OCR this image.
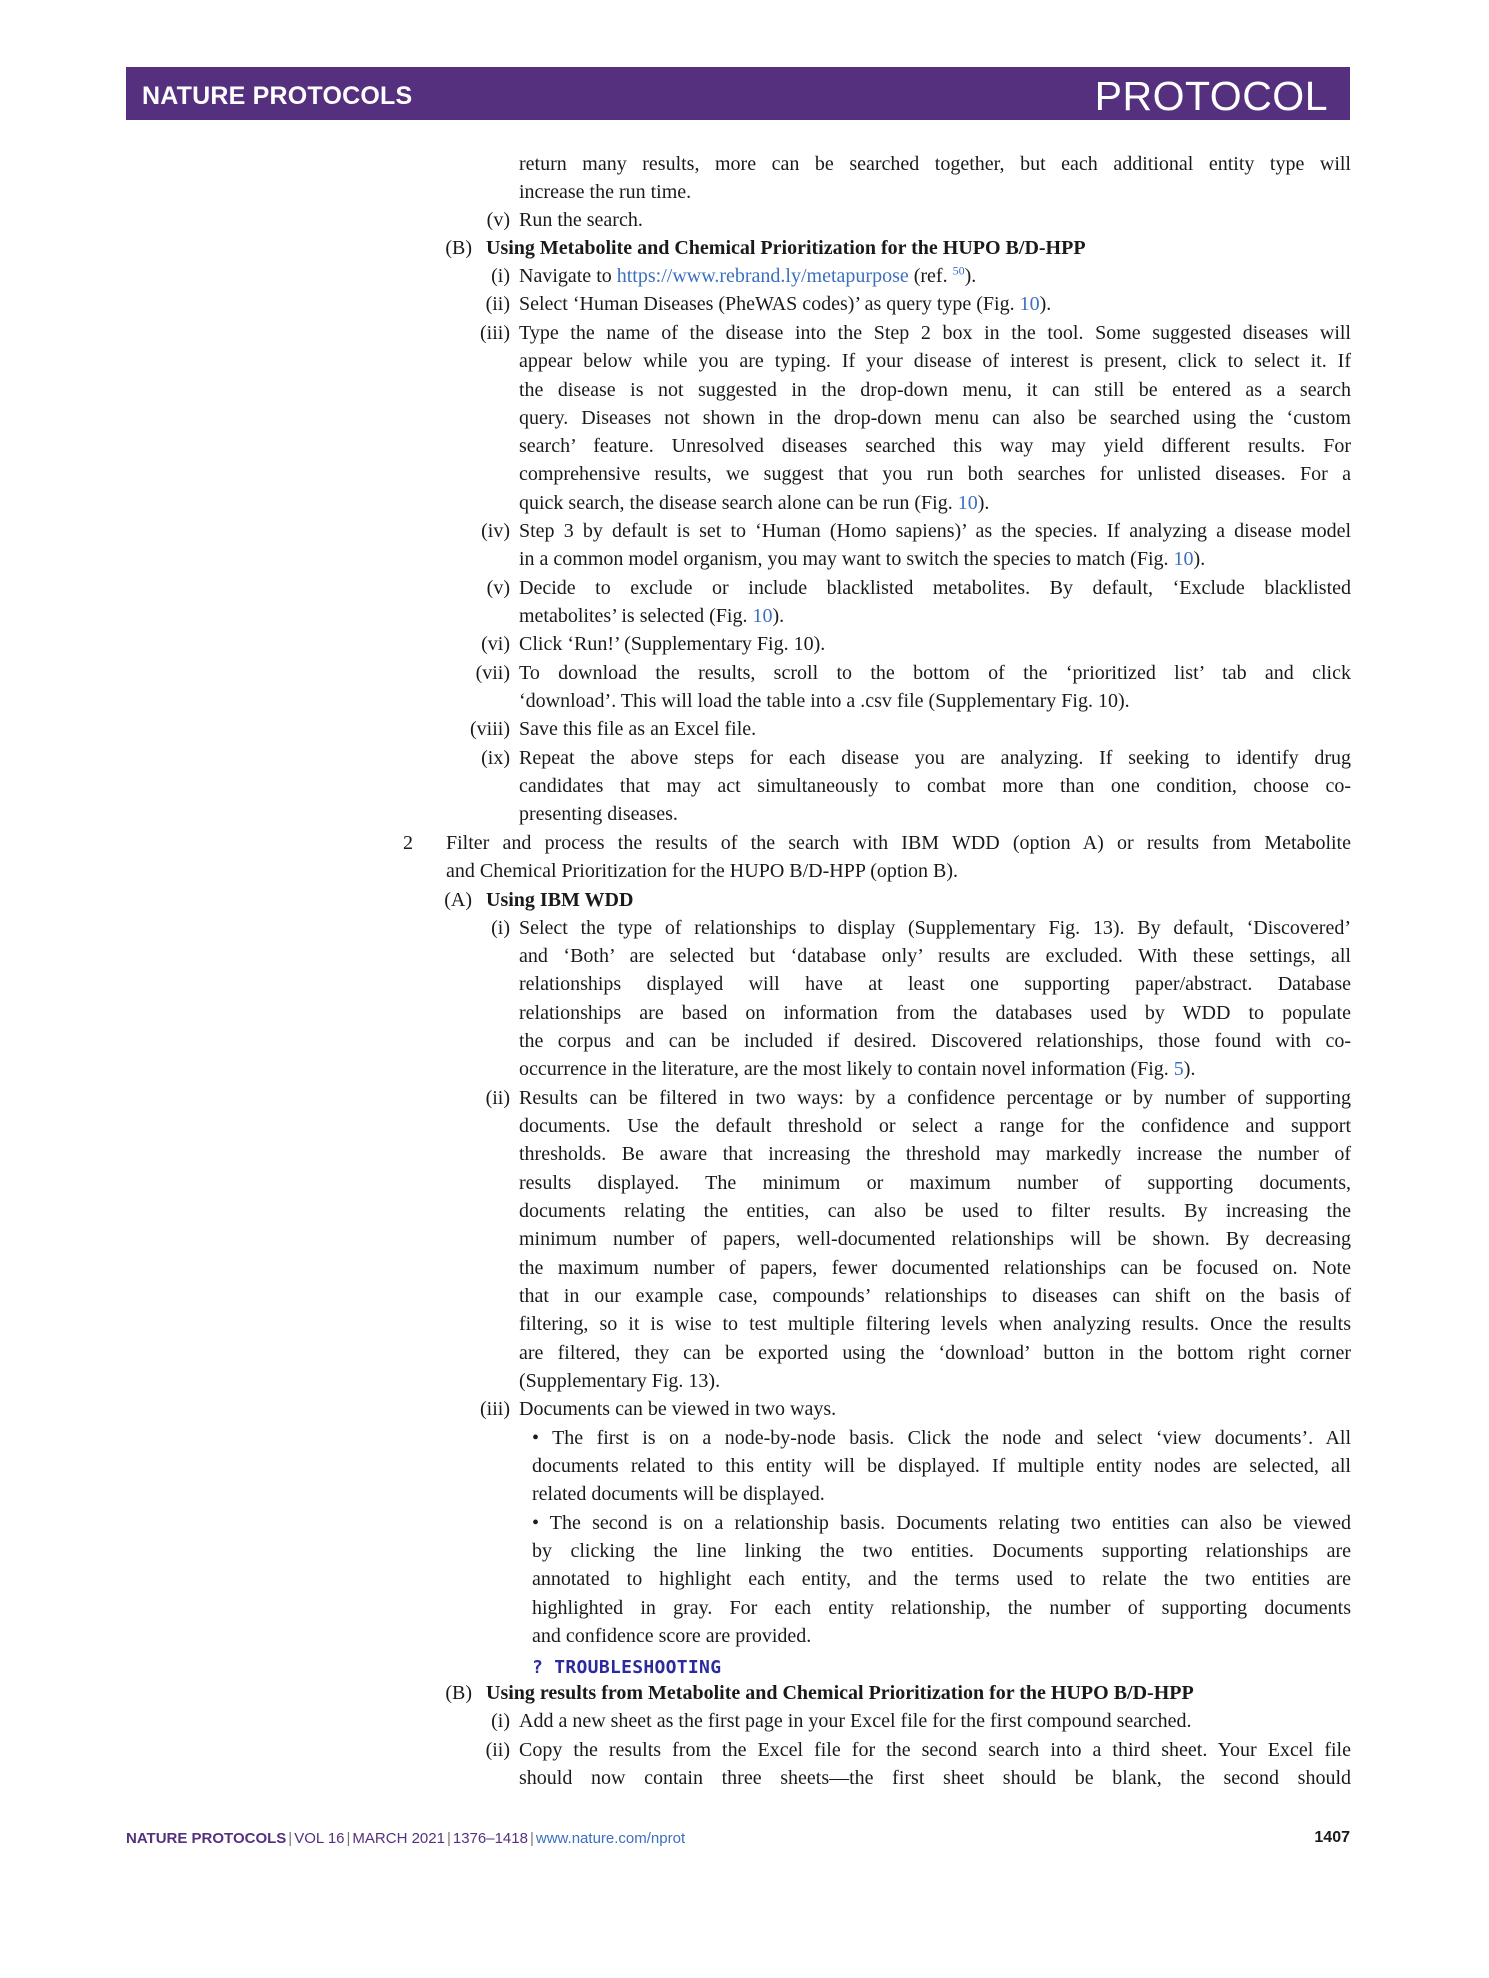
NATURE PROTOCOLS	PROTOCOL
return many results, more can be searched together, but each additional entity type will
increase the run time.
(v) Run the search.
(B) Using Metabolite and Chemical Prioritization for the HUPO B/D-HPP
(i) Navigate to https://www.rebrand.ly/metapurpose (ref. $^{50}$).
(ii) Select ‘Human Diseases (PheWAS codes)’ as query type (Fig. 10).
(iii) Type the name of the disease into the Step 2 box in the tool. Some suggested diseases will
appear below while you are typing. If your disease of interest is present, click to select it. If
the disease is not suggested in the drop-down menu, it can still be entered as a search
query. Diseases not shown in the drop-down menu can also be searched using the ‘custom
search’ feature. Unresolved diseases searched this way may yield different results. For
comprehensive results, we suggest that you run both searches for unlisted diseases. For a
quick search, the disease search alone can be run (Fig. 10).
(iv) Step 3 by default is set to ‘Human (Homo sapiens)’ as the species. If analyzing a disease model
in a common model organism, you may want to switch the species to match (Fig. 10).
(v) Decide to exclude or include blacklisted metabolites. By default, ‘Exclude blacklisted
metabolites’ is selected (Fig. 10).
(vi) Click ‘Run!’ (Supplementary Fig. 10).
(vii) To download the results, scroll to the bottom of the ‘prioritized list’ tab and click
‘download’. This will load the table into a .csv file (Supplementary Fig. 10).
(viii) Save this file as an Excel file.
(ix) Repeat the above steps for each disease you are analyzing. If seeking to identify drug
candidates that may act simultaneously to combat more than one condition, choose co-
presenting diseases.
2 Filter and process the results of the search with IBM WDD (option A) or results from Metabolite
and Chemical Prioritization for the HUPO B/D-HPP (option B).
(A) Using IBM WDD
(i) Select the type of relationships to display (Supplementary Fig. 13). By default, ‘Discovered’
and ‘Both’ are selected but ‘database only’ results are excluded. With these settings, all
relationships displayed will have at least one supporting paper/abstract. Database
relationships are based on information from the databases used by WDD to populate
the corpus and can be included if desired. Discovered relationships, those found with co-
occurrence in the literature, are the most likely to contain novel information (Fig. 5).
(ii) Results can be filtered in two ways: by a confidence percentage or by number of supporting
documents. Use the default threshold or select a range for the confidence and support
thresholds. Be aware that increasing the threshold may markedly increase the number of
results displayed. The minimum or maximum number of supporting documents,
documents relating the entities, can also be used to filter results. By increasing the
minimum number of papers, well-documented relationships will be shown. By decreasing
the maximum number of papers, fewer documented relationships can be focused on. Note
that in our example case, compounds’ relationships to diseases can shift on the basis of
filtering, so it is wise to test multiple filtering levels when analyzing results. Once the results
are filtered, they can be exported using the ‘download’ button in the bottom right corner
(Supplementary Fig. 13).
(iii) Documents can be viewed in two ways.
• The first is on a node-by-node basis. Click the node and select ‘view documents’. All
documents related to this entity will be displayed. If multiple entity nodes are selected, all
related documents will be displayed.
• The second is on a relationship basis. Documents relating two entities can also be viewed
by clicking the line linking the two entities. Documents supporting relationships are
annotated to highlight each entity, and the terms used to relate the two entities are
highlighted in gray. For each entity relationship, the number of supporting documents
and confidence score are provided.
? TROUBLESHOOTING
(B) Using results from Metabolite and Chemical Prioritization for the HUPO B/D-HPP
(i) Add a new sheet as the first page in your Excel file for the first compound searched.
(ii) Copy the results from the Excel file for the second search into a third sheet. Your Excel file
should now contain three sheets—the first sheet should be blank, the second should
NATURE PROTOCOLS | VOL 16 | MARCH 2021 | 1376–1418 | www.nature.com/nprot	1407
